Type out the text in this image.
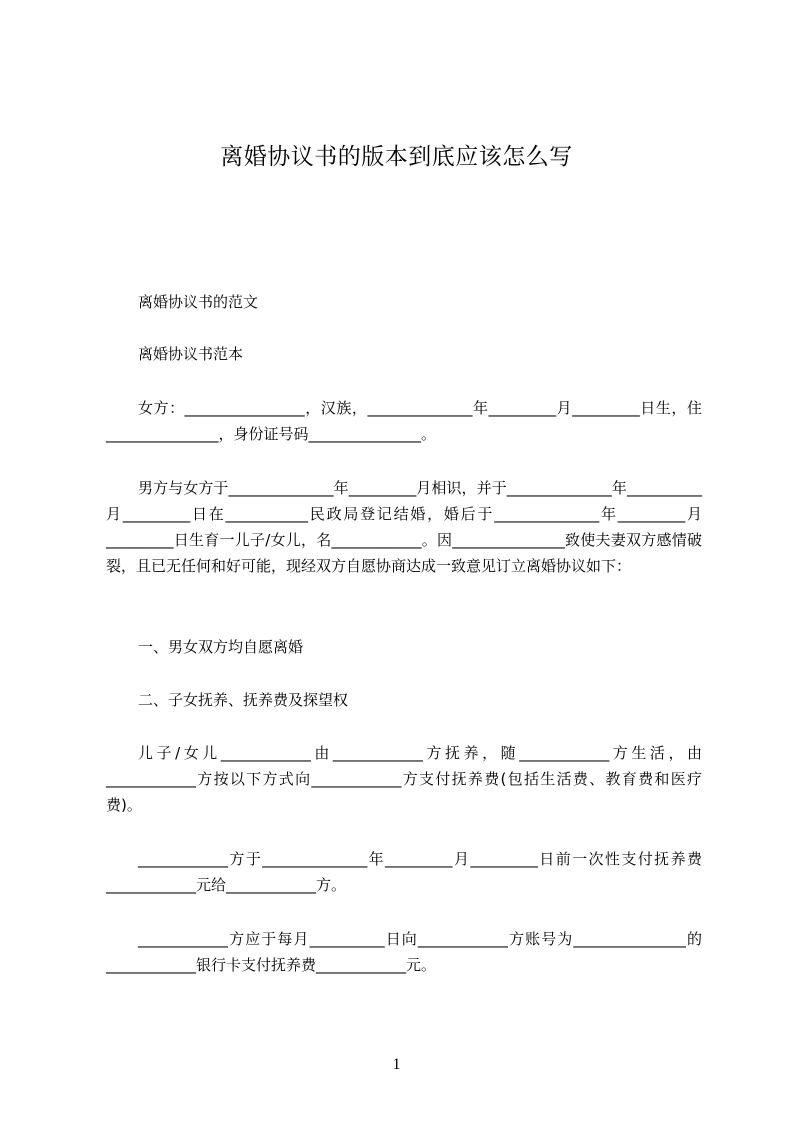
离婚协议书的版本到底应该怎么写
离婚协议书的范文
离婚协议书范本
女方：________________，汉族，______________年_________月_________日生，住_______________，身份证号码_______________。
男方与女方于______________年_________月相识，并于______________年__________月_________日在___________民政局登记结婚，婚后于______________年_________月_________日生育一儿子/女儿，名____________。因_______________致使夫妻双方感情破裂，且已无任何和好可能，现经双方自愿协商达成一致意见订立离婚协议如下：
一、男女双方均自愿离婚
二、子女抚养、抚养费及探望权
儿子/女儿____________由____________方抚养，随____________方生活，由____________方按以下方式向____________方支付抚养费(包括生活费、教育费和医疗费)。
____________方于______________年_________月_________日前一次性支付抚养费____________元给____________方。
____________方应于每月__________日向____________方账号为_______________的____________银行卡支付抚养费____________元。
1
